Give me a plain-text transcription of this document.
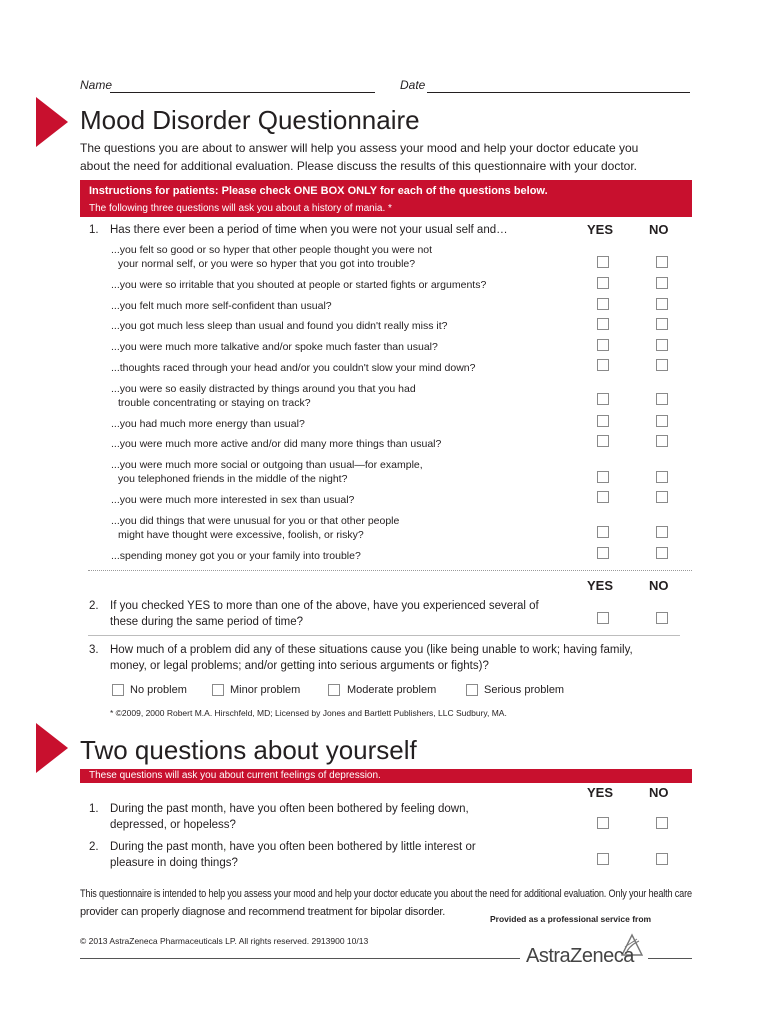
Name	Date
Mood Disorder Questionnaire
The questions you are about to answer will help you assess your mood and help your doctor educate you
about the need for additional evaluation. Please discuss the results of this questionnaire with your doctor.
Instructions for patients: Please check ONE BOX ONLY for each of the questions below.
The following three questions will ask you about a history of mania. *
1. Has there ever been a period of time when you were not your usual self and…	YES	NO
...you felt so good or so hyper that other people thought you were not
your normal self, or you were so hyper that you got into trouble?
...you were so irritable that you shouted at people or started fights or arguments?
...you felt much more self-confident than usual?
...you got much less sleep than usual and found you didn't really miss it?
...you were much more talkative and/or spoke much faster than usual?
...thoughts raced through your head and/or you couldn't slow your mind down?
...you were so easily distracted by things around you that you had
trouble concentrating or staying on track?
...you had much more energy than usual?
...you were much more active and/or did many more things than usual?
...you were much more social or outgoing than usual—for example,
you telephoned friends in the middle of the night?
...you were much more interested in sex than usual?
...you did things that were unusual for you or that other people
might have thought were excessive, foolish, or risky?
...spending money got you or your family into trouble?
YES	NO
2. If you checked YES to more than one of the above, have you experienced several of
these during the same period of time?
3. How much of a problem did any of these situations cause you (like being unable to work; having family,
money, or legal problems; and/or getting into serious arguments or fights)?
No problem	Minor problem	Moderate problem	Serious problem
* ©2009, 2000 Robert M.A. Hirschfeld, MD; Licensed by Jones and Bartlett Publishers, LLC Sudbury, MA.
Two questions about yourself
These questions will ask you about current feelings of depression.
YES	NO
1. During the past month, have you often been bothered by feeling down,
depressed, or hopeless?
2. During the past month, have you often been bothered by little interest or
pleasure in doing things?
This questionnaire is intended to help you assess your mood and help your doctor educate you about the need for additional evaluation. Only your health care
provider can properly diagnose and recommend treatment for bipolar disorder.
Provided as a professional service from
© 2013 AstraZeneca Pharmaceuticals LP. All rights reserved. 2913900 10/13
AstraZeneca
